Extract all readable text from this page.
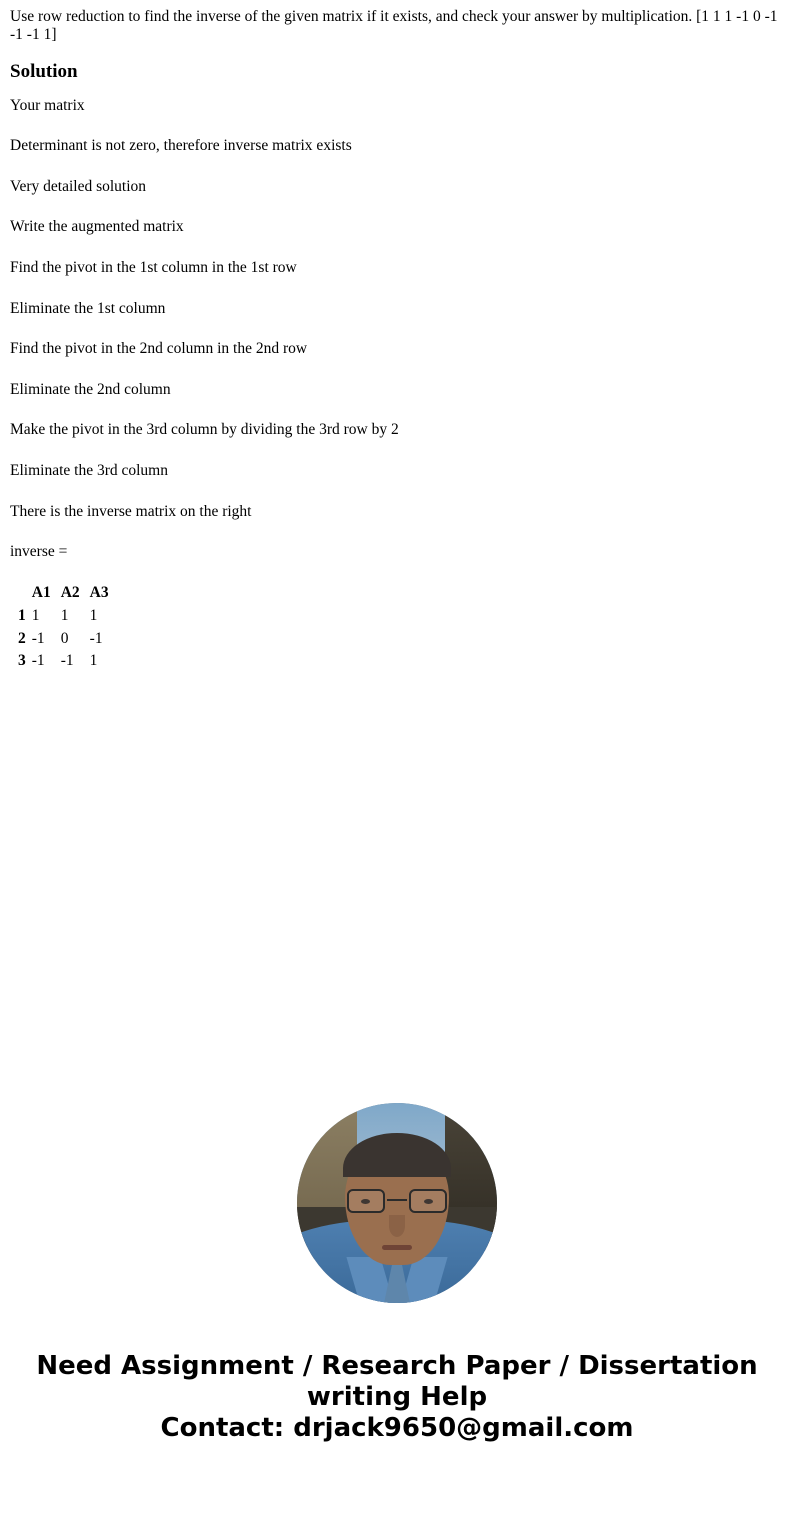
Use row reduction to find the inverse of the given matrix if it exists, and check your answer by multiplication. [1 1 1 -1 0 -1 -1 -1 1]

Solution

Your matrix

Determinant is not zero, therefore inverse matrix exists

Very detailed solution

Write the augmented matrix

Find the pivot in the 1st column in the 1st row

Eliminate the 1st column

Find the pivot in the 2nd column in the 2nd row

Eliminate the 2nd column

Make the pivot in the 3rd column by dividing the 3rd row by 2

Eliminate the 3rd column

There is the inverse matrix on the right

inverse =

	A1	A2	A3
1	1	1	1
2	-1	0	-1
3	-1	-1	1
Need Assignment / Research Paper / Dissertation
writing Help
Contact: drjack9650@gmail.com
